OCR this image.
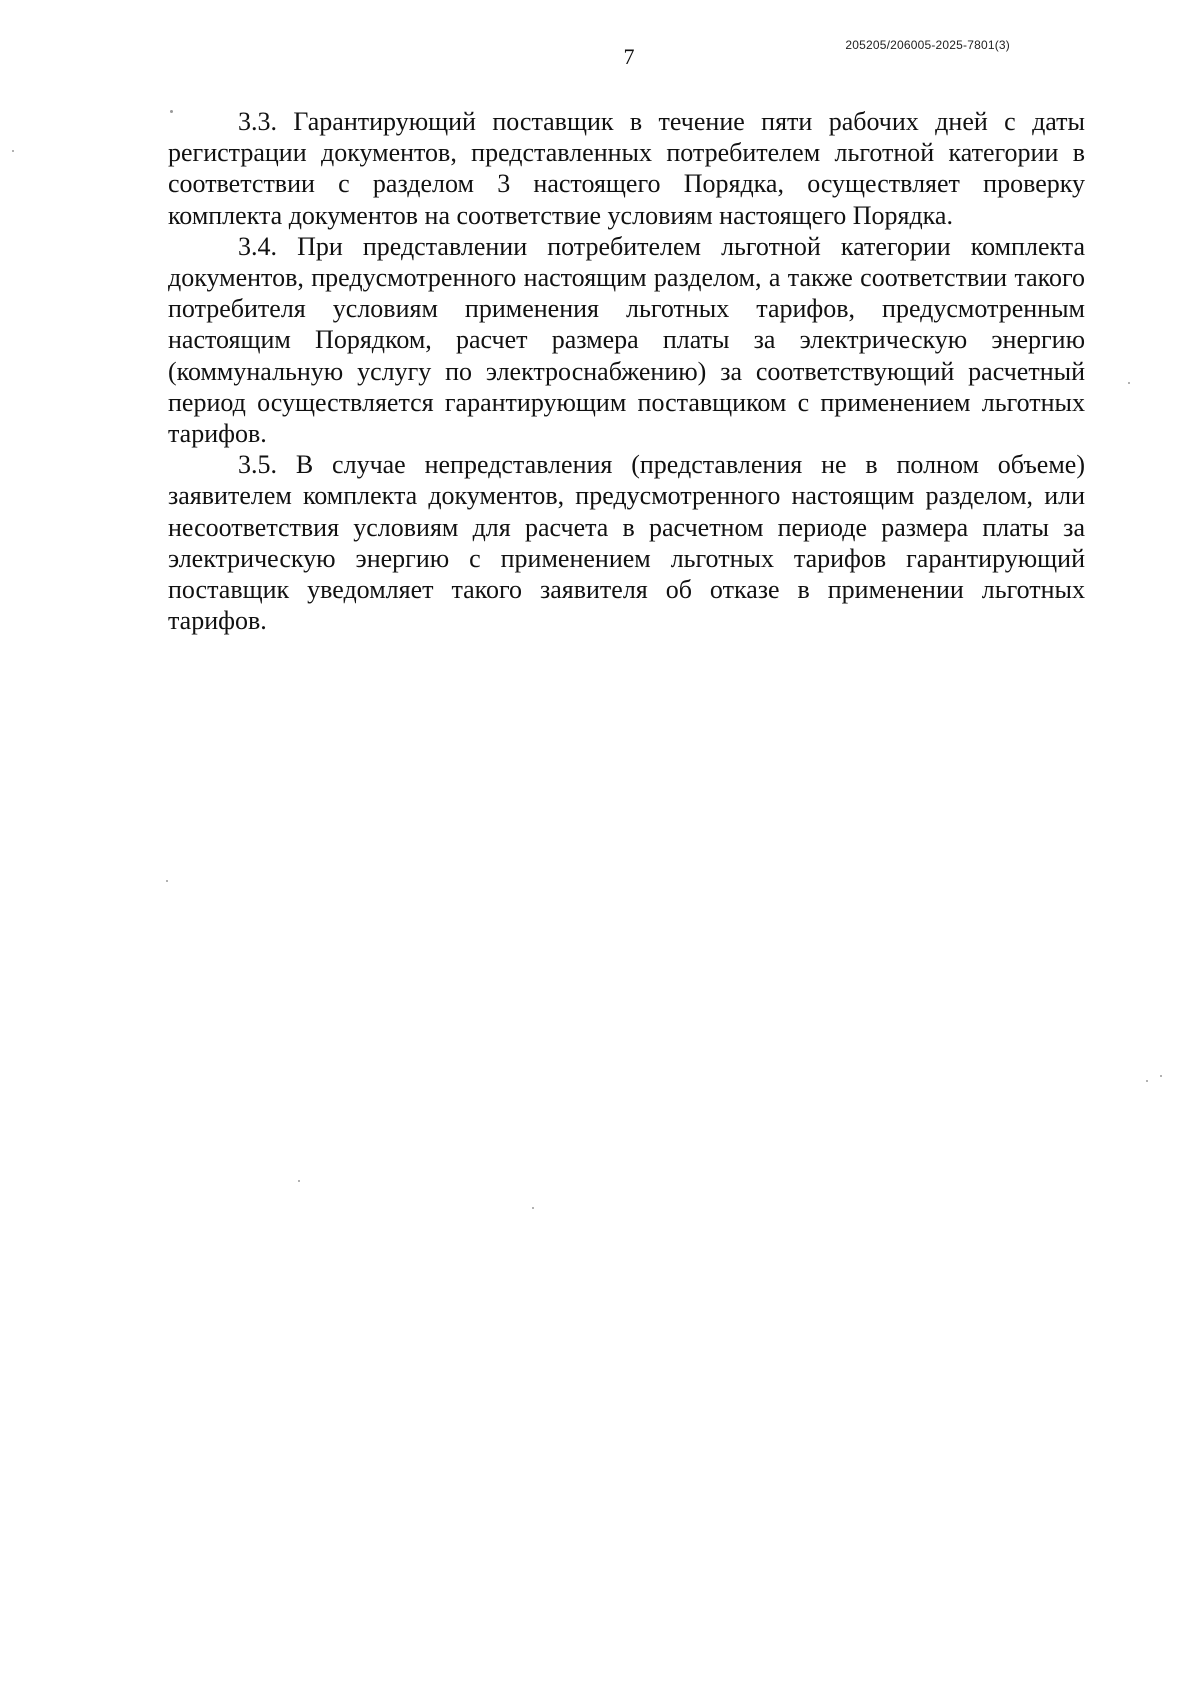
205205/206005-2025-7801(3)
7

3.3. Гарантирующий поставщик в течение пяти рабочих дней с даты регистрации документов, представленных потребителем льготной категории в соответствии с разделом 3 настоящего Порядка, осуществляет проверку комплекта документов на соответствие условиям настоящего Порядка.

3.4. При представлении потребителем льготной категории комплекта документов, предусмотренного настоящим разделом, а также соответствии такого потребителя условиям применения льготных тарифов, предусмотренным настоящим Порядком, расчет размера платы за электрическую энергию (коммунальную услугу по электроснабжению) за соответствующий расчетный период осуществляется гарантирующим поставщиком с применением льготных тарифов.

3.5. В случае непредставления (представления не в полном объеме) заявителем комплекта документов, предусмотренного настоящим разделом, или несоответствия условиям для расчета в расчетном периоде размера платы за электрическую энергию с применением льготных тарифов гарантирующий поставщик уведомляет такого заявителя об отказе в применении льготных тарифов.
